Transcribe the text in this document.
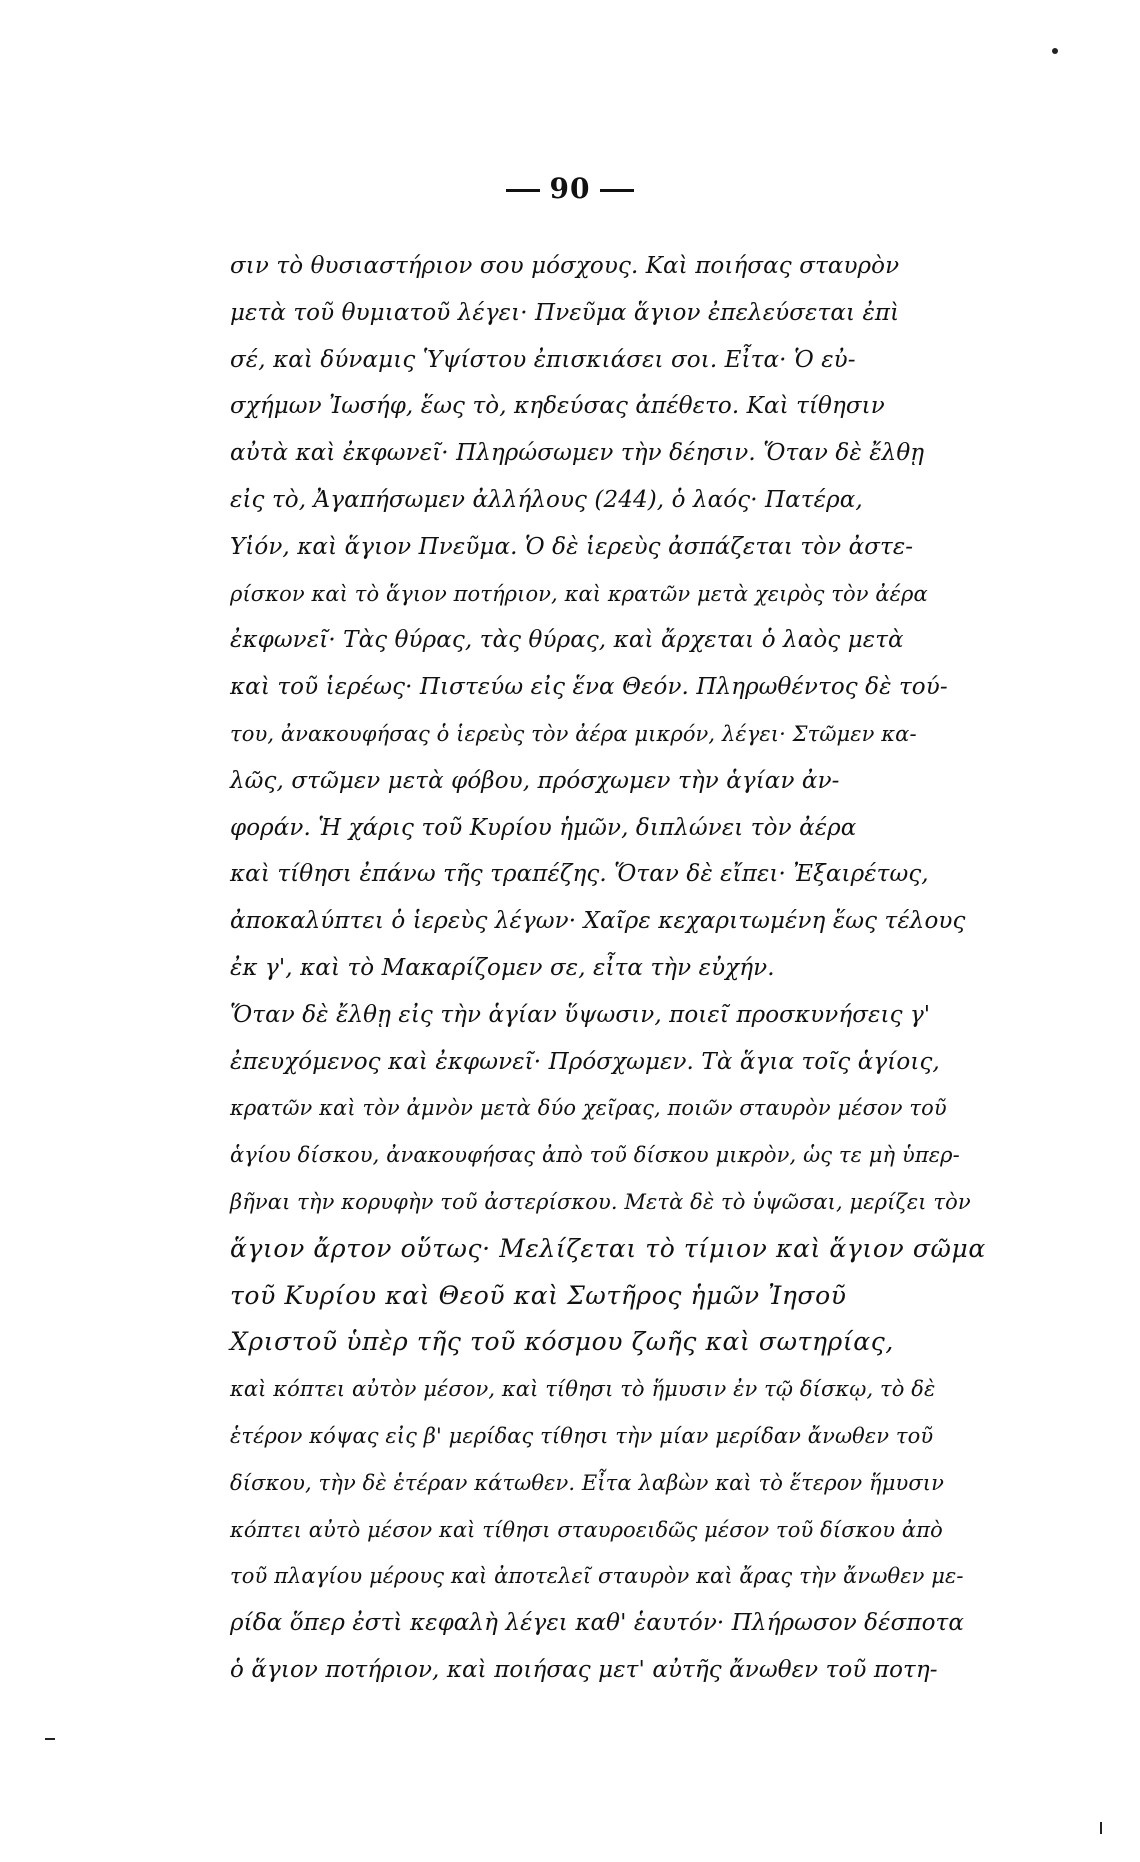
90
σιν τὸ θυσιαστήριον σου μόσχους. Καὶ ποιήσας σταυρὸν
μετὰ τοῦ θυμιατοῦ λέγει· Πνεῦμα ἅγιον ἐπελεύσεται ἐπὶ
σέ, καὶ δύναμις Ὑψίστου ἐπισκιάσει σοι. Εἶτα· Ὁ εὐ-
σχήμων Ἰωσήφ, ἕως τὸ, κηδεύσας ἀπέθετο. Καὶ τίθησιν
αὐτὰ καὶ ἐκφωνεῖ· Πληρώσωμεν τὴν δέησιν. Ὅταν δὲ ἔλθῃ
εἰς τὸ, Ἀγαπήσωμεν ἀλλήλους (244), ὁ λαός· Πατέρα,
Υἱόν, καὶ ἅγιον Πνεῦμα. Ὁ δὲ ἱερεὺς ἀσπάζεται τὸν ἀστε-
ρίσκον καὶ τὸ ἅγιον ποτήριον, καὶ κρατῶν μετὰ χειρὸς τὸν ἀέρα
ἐκφωνεῖ· Τὰς θύρας, τὰς θύρας, καὶ ἄρχεται ὁ λαὸς μετὰ
καὶ τοῦ ἱερέως· Πιστεύω εἰς ἕνα Θεόν. Πληρωθέντος δὲ τού-
του, ἀνακουφήσας ὁ ἱερεὺς τὸν ἀέρα μικρόν, λέγει· Στῶμεν κα-
λῶς, στῶμεν μετὰ φόβου, πρόσχωμεν τὴν ἁγίαν ἀν-
φοράν. Ἡ χάρις τοῦ Κυρίου ἡμῶν, διπλώνει τὸν ἀέρα
καὶ τίθησι ἐπάνω τῆς τραπέζης. Ὅταν δὲ εἴπει· Ἐξαιρέτως,
ἀποκαλύπτει ὁ ἱερεὺς λέγων· Χαῖρε κεχαριτωμένη ἕως τέλους
ἐκ γ', καὶ τὸ Μακαρίζομεν σε, εἶτα τὴν εὐχήν.
Ὅταν δὲ ἔλθῃ εἰς τὴν ἁγίαν ὕψωσιν, ποιεῖ προσκυνήσεις γ'
ἐπευχόμενος καὶ ἐκφωνεῖ· Πρόσχωμεν. Τὰ ἅγια τοῖς ἁγίοις,
κρατῶν καὶ τὸν ἀμνὸν μετὰ δύο χεῖρας, ποιῶν σταυρὸν μέσον τοῦ
ἁγίου δίσκου, ἀνακουφήσας ἀπὸ τοῦ δίσκου μικρὸν, ὡς τε μὴ ὑπερ-
βῆναι τὴν κορυφὴν τοῦ ἀστερίσκου. Μετὰ δὲ τὸ ὑψῶσαι, μερίζει τὸν
ἅγιον ἄρτον οὕτως· Μελίζεται τὸ τίμιον καὶ ἅγιον σῶμα
τοῦ Κυρίου καὶ Θεοῦ καὶ Σωτῆρος ἡμῶν Ἰησοῦ
Χριστοῦ ὑπὲρ τῆς τοῦ κόσμου ζωῆς καὶ σωτηρίας,
καὶ κόπτει αὐτὸν μέσον, καὶ τίθησι τὸ ἥμυσιν ἐν τῷ δίσκῳ, τὸ δὲ
ἑτέρον κόψας εἰς β' μερίδας τίθησι τὴν μίαν μερίδαν ἄνωθεν τοῦ
δίσκου, τὴν δὲ ἑτέραν κάτωθεν. Εἶτα λαβὼν καὶ τὸ ἕτερον ἥμυσιν
κόπτει αὐτὸ μέσον καὶ τίθησι σταυροειδῶς μέσον τοῦ δίσκου ἀπὸ
τοῦ πλαγίου μέρους καὶ ἀποτελεῖ σταυρὸν καὶ ἄρας τὴν ἄνωθεν με-
ρίδα ὅπερ ἐστὶ κεφαλὴ λέγει καθ' ἑαυτόν· Πλήρωσον δέσποτα
ὁ ἅγιον ποτήριον, καὶ ποιήσας μετ' αὐτῆς ἄνωθεν τοῦ ποτη-
